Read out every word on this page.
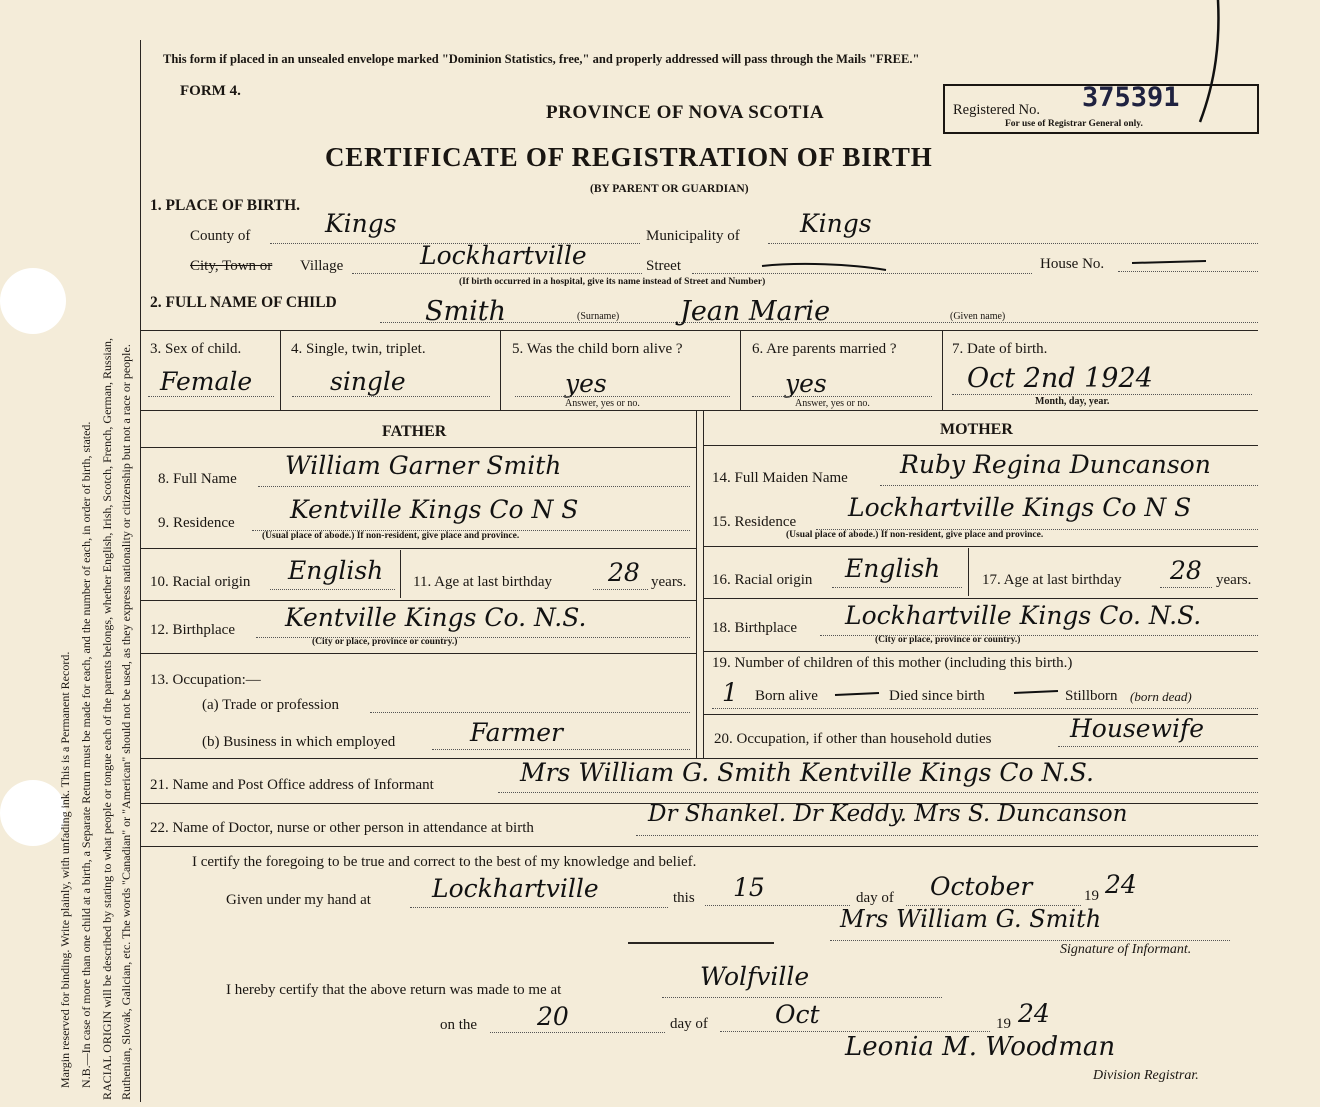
Margin reserved for binding. Write plainly, with unfading ink. This is a Permanent Record. N.B.—In case of more than one child at a birth, a Separate Return must be made for each, and the number of each, in order of birth, stated. RACIAL ORIGIN will be described by stating to what people or tongue each of the parents belongs, whether English, Irish, Scotch, French, German, Russian, Ruthenian, Slovak, Galician, etc. The words "Canadian" or "American" should not be used, as they express nationality or citizenship but not a race or people.
This form if placed in an unsealed envelope marked "Dominion Statistics, free," and properly addressed will pass through the Mails "FREE."
FORM 4.
PROVINCE OF NOVA SCOTIA
CERTIFICATE OF REGISTRATION OF BIRTH
(BY PARENT OR GUARDIAN)
Registered No. 375391
For use of Registrar General only.
1. PLACE OF BIRTH.
County of	Kings	Municipality of Kings
City, Town or Village	Lockhartville	Street	House No.
(If birth occurred in a hospital, give its name instead of Street and Number)
2. FULL NAME OF CHILD	Smith	(Surname) Jean Marie	(Given name)
3. Sex of child.
Female
4. Single, twin, triplet.
single
5. Was the child born alive ?
yes
Answer, yes or no.
6. Are parents married ?
yes
Answer, yes or no.
7. Date of birth.
Oct 2nd 1924
Month, day, year.
FATHER	MOTHER
8. Full Name William Garner Smith
9. Residence Kentville Kings Co N S
(Usual place of abode.) If non-resident, give place and province.
10. Racial origin English 11. Age at last birthday 28 years.
12. Birthplace Kentville Kings Co. N.S.
(City or place, province or country.)
13. Occupation:—
(a) Trade or profession
(b) Business in which employed	Farmer
14. Full Maiden Name Ruby Regina Duncanson
15. Residence Lockhartville Kings Co N S
(Usual place of abode.) If non-resident, give place and province.
16. Racial origin English	17. Age at last birthday 28 years.
18. Birthplace Lockhartville Kings Co. N.S.
(City or place, province or country.)
19. Number of children of this mother (including this birth.)
1 Born alive	Died since birth	Stillborn (born dead)
20. Occupation, if other than household duties	Housewife
21. Name and Post Office address of Informant	Mrs William G. Smith Kentville Kings Co N.S.
22. Name of Doctor, nurse or other person in attendance at birth
Dr Shankel. Dr Keddy. Mrs S. Duncanson
I certify the foregoing to be true and correct to the best of my knowledge and belief.
Given under my hand at Lockhartville	this 15	day of October	19 24
Mrs William G. Smith
Signature of Informant.
I hereby certify that the above return was made to me at	Wolfville
on the 20	day of	Oct	19 24
Leonia M. Woodman
Division Registrar.
